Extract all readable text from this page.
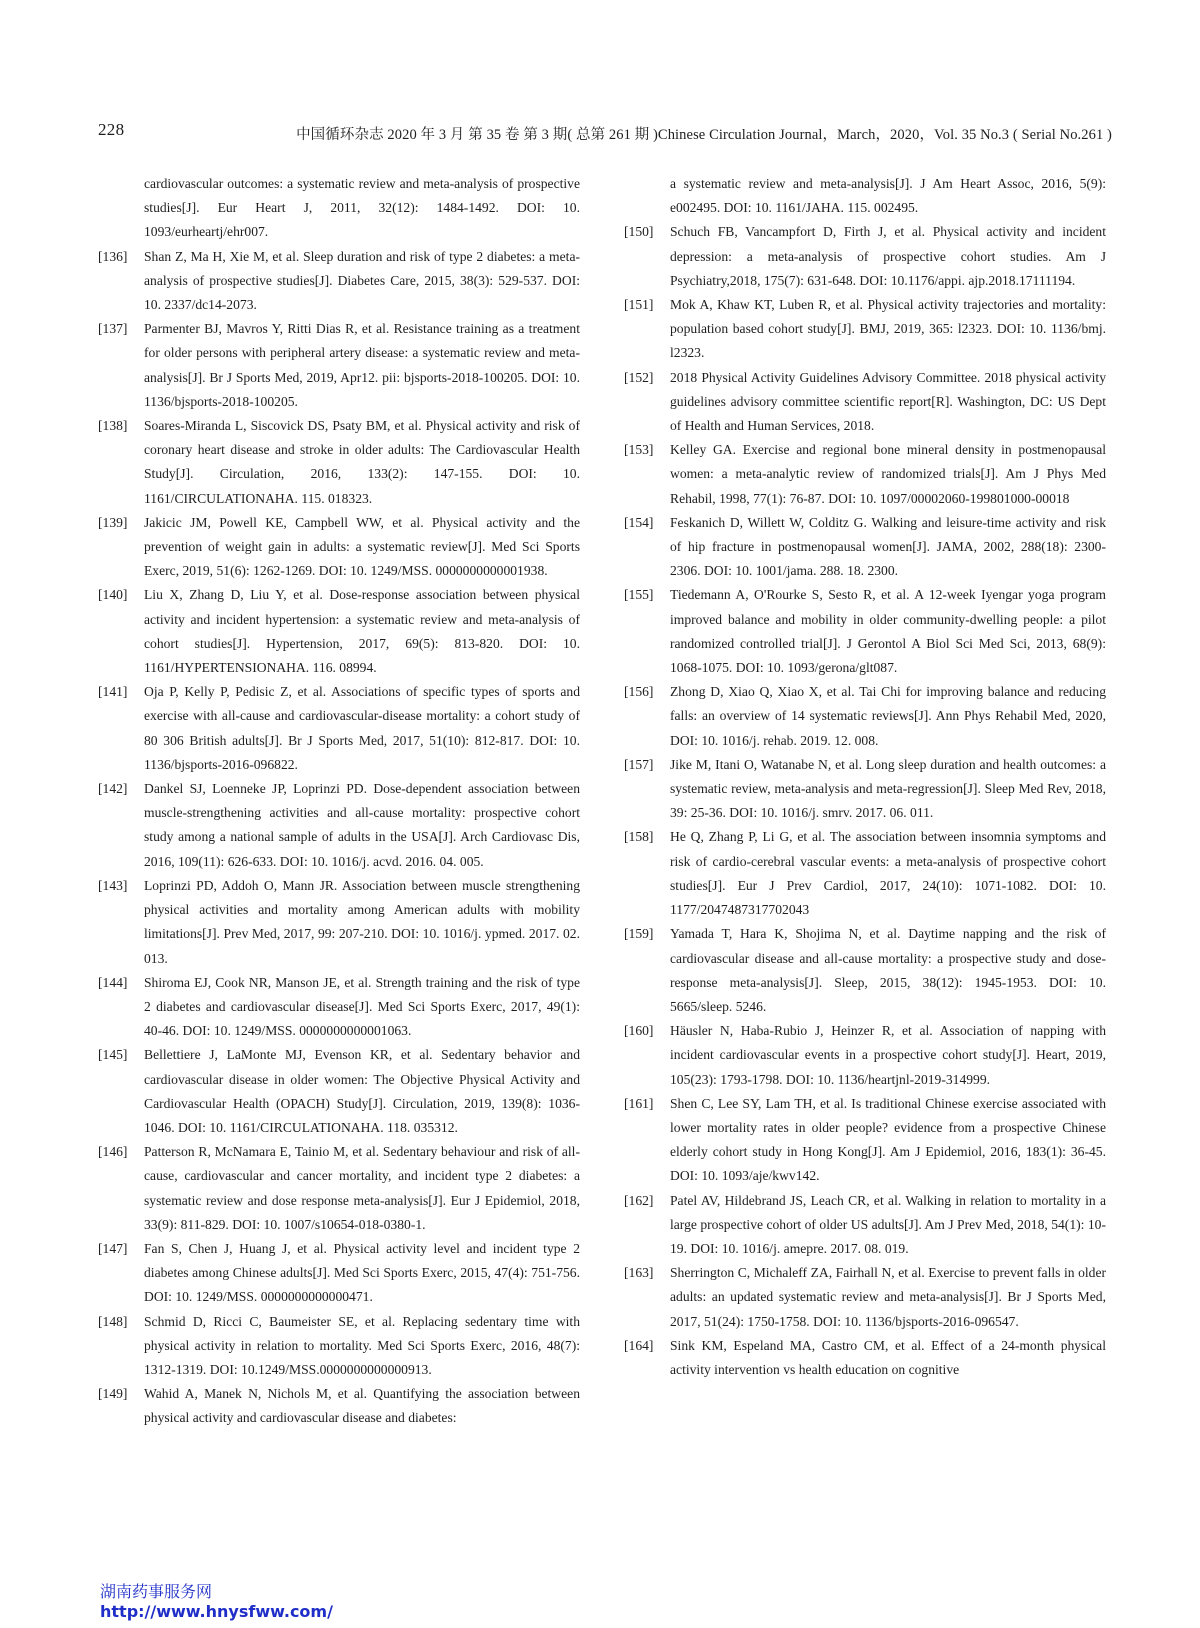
228	中国循环杂志 2020 年 3 月 第 35 卷 第 3 期( 总第 261 期 )Chinese Circulation Journal，March，2020，Vol. 35 No.3 ( Serial No.261 )
cardiovascular outcomes: a systematic review and meta-analysis of prospective studies[J]. Eur Heart J, 2011, 32(12): 1484-1492. DOI: 10. 1093/eurheartj/ehr007.
[136]	Shan Z, Ma H, Xie M, et al. Sleep duration and risk of type 2 diabetes: a meta-analysis of prospective studies[J]. Diabetes Care, 2015, 38(3): 529-537. DOI: 10. 2337/dc14-2073.
[137]	Parmenter BJ, Mavros Y, Ritti Dias R, et al. Resistance training as a treatment for older persons with peripheral artery disease: a systematic review and meta-analysis[J]. Br J Sports Med, 2019, Apr12. pii: bjsports-2018-100205. DOI: 10. 1136/bjsports-2018-100205.
[138]	Soares-Miranda L, Siscovick DS, Psaty BM, et al. Physical activity and risk of coronary heart disease and stroke in older adults: The Cardiovascular Health Study[J]. Circulation, 2016, 133(2): 147-155. DOI: 10. 1161/CIRCULATIONAHA. 115. 018323.
[139]	Jakicic JM, Powell KE, Campbell WW, et al. Physical activity and the prevention of weight gain in adults: a systematic review[J]. Med Sci Sports Exerc, 2019, 51(6): 1262-1269. DOI: 10. 1249/MSS. 0000000000001938.
[140]	Liu X, Zhang D, Liu Y, et al. Dose-response association between physical activity and incident hypertension: a systematic review and meta-analysis of cohort studies[J]. Hypertension, 2017, 69(5): 813-820. DOI: 10. 1161/HYPERTENSIONAHA. 116. 08994.
[141]	Oja P, Kelly P, Pedisic Z, et al. Associations of specific types of sports and exercise with all-cause and cardiovascular-disease mortality: a cohort study of 80 306 British adults[J]. Br J Sports Med, 2017, 51(10): 812-817. DOI: 10. 1136/bjsports-2016-096822.
[142]	Dankel SJ, Loenneke JP, Loprinzi PD. Dose-dependent association between muscle-strengthening activities and all-cause mortality: prospective cohort study among a national sample of adults in the USA[J]. Arch Cardiovasc Dis, 2016, 109(11): 626-633. DOI: 10. 1016/j. acvd. 2016. 04. 005.
[143]	Loprinzi PD, Addoh O, Mann JR. Association between muscle strengthening physical activities and mortality among American adults with mobility limitations[J]. Prev Med, 2017, 99: 207-210. DOI: 10. 1016/j. ypmed. 2017. 02. 013.
[144]	Shiroma EJ, Cook NR, Manson JE, et al. Strength training and the risk of type 2 diabetes and cardiovascular disease[J]. Med Sci Sports Exerc, 2017, 49(1): 40-46. DOI: 10. 1249/MSS. 0000000000001063.
[145]	Bellettiere J, LaMonte MJ, Evenson KR, et al. Sedentary behavior and cardiovascular disease in older women: The Objective Physical Activity and Cardiovascular Health (OPACH) Study[J]. Circulation, 2019, 139(8): 1036-1046. DOI: 10. 1161/CIRCULATIONAHA. 118. 035312.
[146]	Patterson R, McNamara E, Tainio M, et al. Sedentary behaviour and risk of all-cause, cardiovascular and cancer mortality, and incident type 2 diabetes: a systematic review and dose response meta-analysis[J]. Eur J Epidemiol, 2018, 33(9): 811-829. DOI: 10. 1007/s10654-018-0380-1.
[147]	Fan S, Chen J, Huang J, et al. Physical activity level and incident type 2 diabetes among Chinese adults[J]. Med Sci Sports Exerc, 2015, 47(4): 751-756. DOI: 10. 1249/MSS. 0000000000000471.
[148]	Schmid D, Ricci C, Baumeister SE, et al. Replacing sedentary time with physical activity in relation to mortality. Med Sci Sports Exerc, 2016, 48(7): 1312-1319. DOI: 10.1249/MSS.0000000000000913.
[149]	Wahid A, Manek N, Nichols M, et al. Quantifying the association between physical activity and cardiovascular disease and diabetes:
a systematic review and meta-analysis[J]. J Am Heart Assoc, 2016, 5(9): e002495. DOI: 10. 1161/JAHA. 115. 002495.
[150]	Schuch FB, Vancampfort D, Firth J, et al. Physical activity and incident depression: a meta-analysis of prospective cohort studies. Am J Psychiatry,2018, 175(7): 631-648. DOI: 10.1176/appi. ajp.2018.17111194.
[151]	Mok A, Khaw KT, Luben R, et al. Physical activity trajectories and mortality: population based cohort study[J]. BMJ, 2019, 365: l2323. DOI: 10. 1136/bmj. l2323.
[152]	2018 Physical Activity Guidelines Advisory Committee. 2018 physical activity guidelines advisory committee scientific report[R]. Washington, DC: US Dept of Health and Human Services, 2018.
[153]	Kelley GA. Exercise and regional bone mineral density in postmenopausal women: a meta-analytic review of randomized trials[J]. Am J Phys Med Rehabil, 1998, 77(1): 76-87. DOI: 10. 1097/00002060-199801000-00018
[154]	Feskanich D, Willett W, Colditz G. Walking and leisure-time activity and risk of hip fracture in postmenopausal women[J]. JAMA, 2002, 288(18): 2300-2306. DOI: 10. 1001/jama. 288. 18. 2300.
[155]	Tiedemann A, O'Rourke S, Sesto R, et al. A 12-week Iyengar yoga program improved balance and mobility in older community-dwelling people: a pilot randomized controlled trial[J]. J Gerontol A Biol Sci Med Sci, 2013, 68(9): 1068-1075. DOI: 10. 1093/gerona/glt087.
[156]	Zhong D, Xiao Q, Xiao X, et al. Tai Chi for improving balance and reducing falls: an overview of 14 systematic reviews[J]. Ann Phys Rehabil Med, 2020, DOI: 10. 1016/j. rehab. 2019. 12. 008.
[157]	Jike M, Itani O, Watanabe N, et al. Long sleep duration and health outcomes: a systematic review, meta-analysis and meta-regression[J]. Sleep Med Rev, 2018, 39: 25-36. DOI: 10. 1016/j. smrv. 2017. 06. 011.
[158]	He Q, Zhang P, Li G, et al. The association between insomnia symptoms and risk of cardio-cerebral vascular events: a meta-analysis of prospective cohort studies[J]. Eur J Prev Cardiol, 2017, 24(10): 1071-1082. DOI: 10. 1177/2047487317702043
[159]	Yamada T, Hara K, Shojima N, et al. Daytime napping and the risk of cardiovascular disease and all-cause mortality: a prospective study and dose-response meta-analysis[J]. Sleep, 2015, 38(12): 1945-1953. DOI: 10. 5665/sleep. 5246.
[160]	Häusler N, Haba-Rubio J, Heinzer R, et al. Association of napping with incident cardiovascular events in a prospective cohort study[J]. Heart, 2019, 105(23): 1793-1798. DOI: 10. 1136/heartjnl-2019-314999.
[161]	Shen C, Lee SY, Lam TH, et al. Is traditional Chinese exercise associated with lower mortality rates in older people? evidence from a prospective Chinese elderly cohort study in Hong Kong[J]. Am J Epidemiol, 2016, 183(1): 36-45. DOI: 10. 1093/aje/kwv142.
[162]	Patel AV, Hildebrand JS, Leach CR, et al. Walking in relation to mortality in a large prospective cohort of older US adults[J]. Am J Prev Med, 2018, 54(1): 10-19. DOI: 10. 1016/j. amepre. 2017. 08. 019.
[163]	Sherrington C, Michaleff ZA, Fairhall N, et al. Exercise to prevent falls in older adults: an updated systematic review and meta-analysis[J]. Br J Sports Med, 2017, 51(24): 1750-1758. DOI: 10. 1136/bjsports-2016-096547.
[164]	Sink KM, Espeland MA, Castro CM, et al. Effect of a 24-month physical activity intervention vs health education on cognitive
湖南药事服务网
http://www.hnysfww.com/
